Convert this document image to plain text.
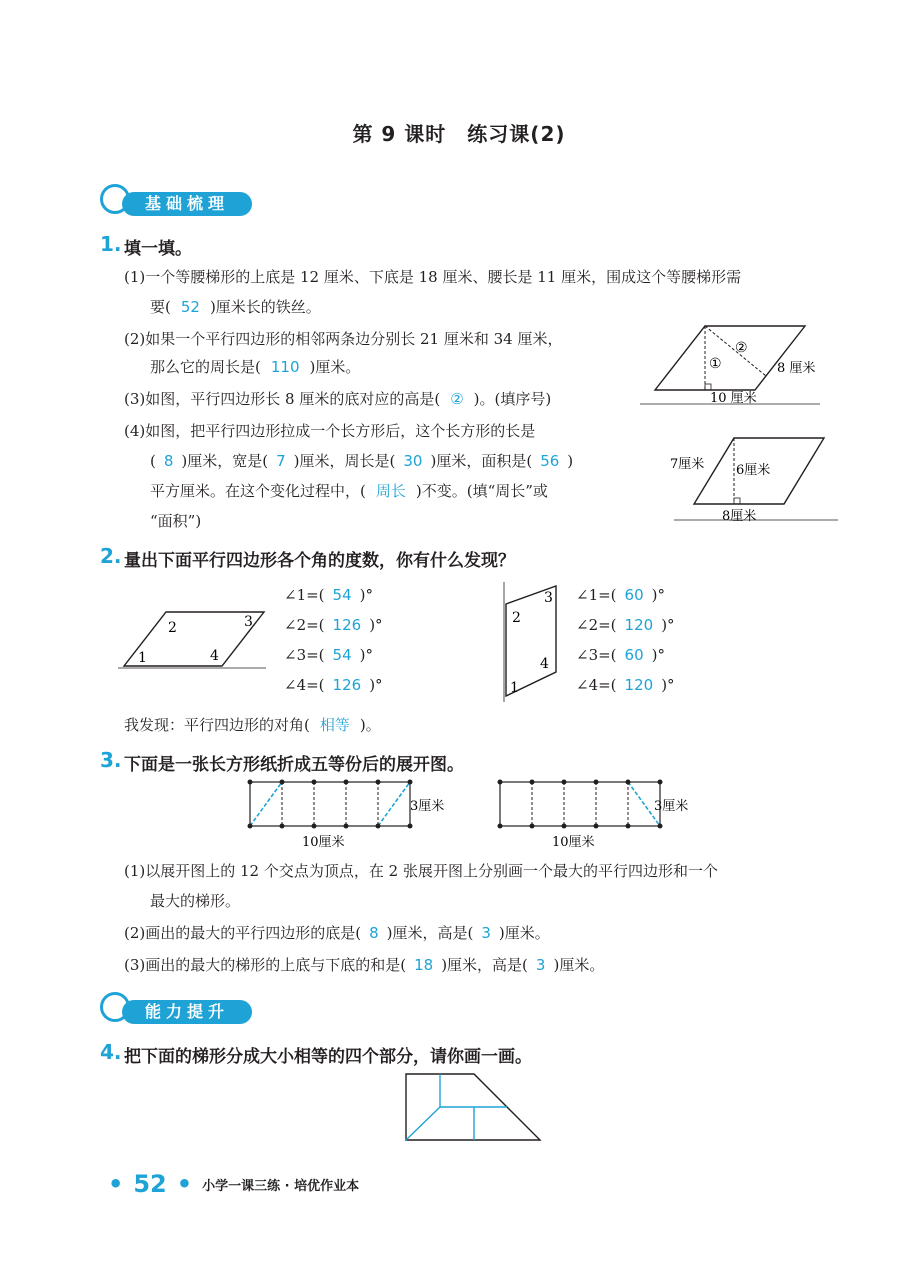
第 9 课时　练习课(2)
基础梳理
1. 填一填。
(1)一个等腰梯形的上底是 12 厘米、下底是 18 厘米、腰长是 11 厘米，围成这个等腰梯形需
要( 52 )厘米长的铁丝。
(2)如果一个平行四边形的相邻两条边分别长 21 厘米和 34 厘米，
那么它的周长是( 110 )厘米。
(3)如图，平行四边形长 8 厘米的底对应的高是( ② )。(填序号)
(4)如图，把平行四边形拉成一个长方形后，这个长方形的长是
( 8 )厘米，宽是( 7 )厘米，周长是( 30 )厘米，面积是( 56 )
平方厘米。在这个变化过程中，( 周长 )不变。(填“周长”或
“面积”)
①
②
8 厘米
10 厘米
7厘米 6厘米
8厘米
2. 量出下面平行四边形各个角的度数，你有什么发现？
1
2	3
4
∠1=( 54 )°
∠2=( 126 )°
∠3=( 54 )°
∠4=( 126 )°	1
2
3
4
∠1=( 60 )°
∠2=( 120 )°
∠3=( 60 )°
∠4=( 120 )°
我发现：平行四边形的对角( 相等 )。
3. 下面是一张长方形纸折成五等份后的展开图。
3厘米
10厘米
3厘米
10厘米
(1)以展开图上的 12 个交点为顶点，在 2 张展开图上分别画一个最大的平行四边形和一个
最大的梯形。
(2)画出的最大的平行四边形的底是( 8 )厘米，高是( 3 )厘米。
(3)画出的最大的梯形的上底与下底的和是( 18 )厘米，高是( 3 )厘米。
能力提升
4. 把下面的梯形分成大小相等的四个部分，请你画一画。
• 52 • 小学一课三练 · 培优作业本
